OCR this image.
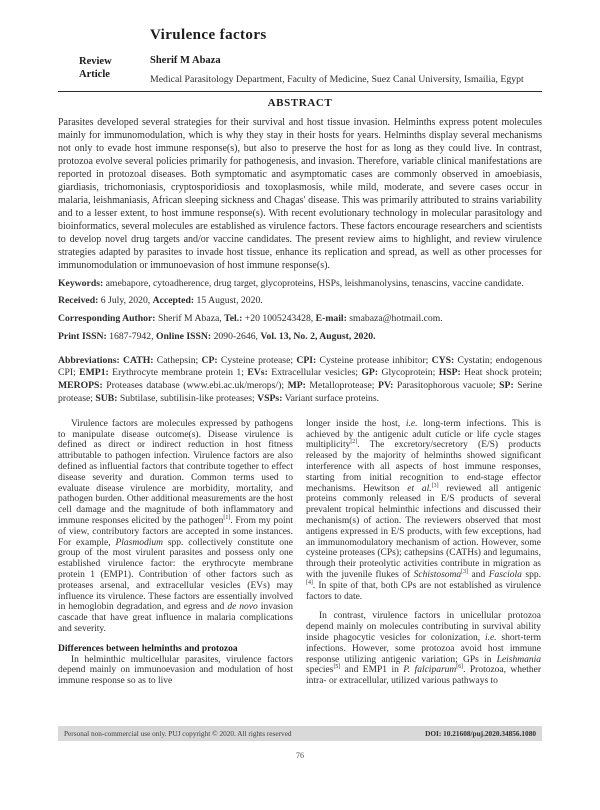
Virulence factors
Review
Article
Sherif M Abaza
Medical Parasitology Department, Faculty of Medicine, Suez Canal University, Ismailia, Egypt
ABSTRACT
Parasites developed several strategies for their survival and host tissue invasion. Helminths express potent molecules mainly for immunomodulation, which is why they stay in their hosts for years. Helminths display several mechanisms not only to evade host immune response(s), but also to preserve the host for as long as they could live. In contrast, protozoa evolve several policies primarily for pathogenesis, and invasion. Therefore, variable clinical manifestations are reported in protozoal diseases. Both symptomatic and asymptomatic cases are commonly observed in amoebiasis, giardiasis, trichomoniasis, cryptosporidiosis and toxoplasmosis, while mild, moderate, and severe cases occur in malaria, leishmaniasis, African sleeping sickness and Chagas' disease. This was primarily attributed to strains variability and to a lesser extent, to host immune response(s). With recent evolutionary technology in molecular parasitology and bioinformatics, several molecules are established as virulence factors. These factors encourage researchers and scientists to develop novel drug targets and/or vaccine candidates. The present review aims to highlight, and review virulence strategies adapted by parasites to invade host tissue, enhance its replication and spread, as well as other processes for immunomodulation or immunoevasion of host immune response(s).
Keywords: amebapore, cytoadherence, drug target, glycoproteins, HSPs, leishmanolysins, tenascins, vaccine candidate.
Received: 6 July, 2020, Accepted: 15 August, 2020.
Corresponding Author: Sherif M Abaza, Tel.: +20 1005243428, E-mail: smabaza@hotmail.com.
Print ISSN: 1687-7942, Online ISSN: 2090-2646, Vol. 13, No. 2, August, 2020.
Abbreviations: CATH: Cathepsin; CP: Cysteine protease; CPI: Cysteine protease inhibitor; CYS: Cystatin; endogenous CPI; EMP1: Erythrocyte membrane protein 1; EVs: Extracellular vesicles; GP: Glycoprotein; HSP: Heat shock protein; MEROPS: Proteases database (www.ebi.ac.uk/merops/); MP: Metalloprotease; PV: Parasitophorous vacuole; SP: Serine protease; SUB: Subtilase, subtilisin-like proteases; VSPs: Variant surface proteins.

Virulence factors are molecules expressed by pathogens to manipulate disease outcome(s). Disease virulence is defined as direct or indirect reduction in host fitness attributable to pathogen infection. Virulence factors are also defined as influential factors that contribute together to effect disease severity and duration. Common terms used to evaluate disease virulence are morbidity, mortality, and pathogen burden. Other additional measurements are the host cell damage and the magnitude of both inflammatory and immune responses elicited by the pathogen[1]. From my point of view, contributory factors are accepted in some instances. For example, Plasmodium spp. collectively constitute one group of the most virulent parasites and possess only one established virulence factor: the erythrocyte membrane protein 1 (EMP1). Contribution of other factors such as proteases arsenal, and extracellular vesicles (EVs) may influence its virulence. These factors are essentially involved in hemoglobin degradation, and egress and de novo invasion cascade that have great influence in malaria complications and severity.

Differences between helminths and protozoa

In helminthic multicellular parasites, virulence factors depend mainly on immunoevasion and modulation of host immune response so as to live

longer inside the host, i.e. long-term infections. This is achieved by the antigenic adult cuticle or life cycle stages multiplicity[2]. The excretory/secretory (E/S) products released by the majority of helminths showed significant interference with all aspects of host immune responses, starting from initial recognition to end-stage effector mechanisms. Hewitson et al.[3] reviewed all antigenic proteins commonly released in E/S products of several prevalent tropical helminthic infections and discussed their mechanism(s) of action. The reviewers observed that most antigens expressed in E/S products, with few exceptions, had an immunomodulatory mechanism of action. However, some cysteine proteases (CPs); cathepsins (CATHs) and legumains, through their proteolytic activities contribute in migration as with the juvenile flukes of Schistosoma[3] and Fasciola spp.[4]. In spite of that, both CPs are not established as virulence factors to date.

In contrast, virulence factors in unicellular protozoa depend mainly on molecules contributing in survival ability inside phagocytic vesicles for colonization, i.e. short-term infections. However, some protozoa avoid host immune response utilizing antigenic variation; GPs in Leishmania species[5] and EMP1 in P. falciparum[6]. Protozoa, whether intra- or extracellular, utilized various pathways to

Personal non-commercial use only. PUJ copyright © 2020. All rights reserved	DOI: 10.21608/puj.2020.34856.1080
76
